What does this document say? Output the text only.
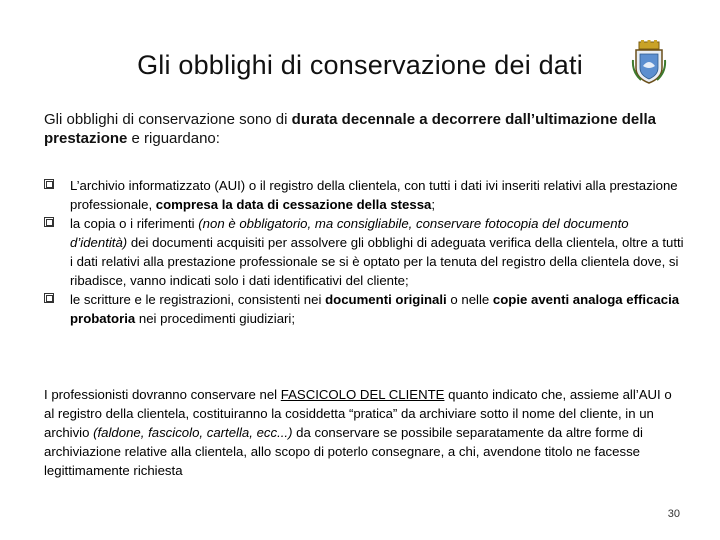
Gli obblighi di conservazione dei dati
Gli obblighi di conservazione sono di durata decennale a decorrere dall’ultimazione della prestazione e riguardano:
L’archivio informatizzato (AUI) o il registro della clientela, con tutti i dati ivi inseriti relativi alla prestazione professionale, compresa la data di cessazione della stessa;
la copia o i riferimenti (non è obbligatorio, ma consigliabile, conservare fotocopia del documento d’identità) dei documenti acquisiti per assolvere gli obblighi di adeguata verifica della clientela, oltre a tutti i dati relativi alla prestazione professionale se si è optato per la tenuta del registro della clientela dove, si ribadisce, vanno indicati solo i dati identificativi del cliente;
le scritture e le registrazioni, consistenti nei documenti originali o nelle copie aventi analoga efficacia probatoria nei procedimenti giudiziari;
I professionisti dovranno conservare nel FASCICOLO DEL CLIENTE quanto indicato che, assieme all’AUI o al registro della clientela, costituiranno la cosiddetta “pratica” da archiviare sotto il nome del cliente, in un archivio (faldone, fascicolo, cartella, ecc...) da conservare se possibile separatamente da altre forme di archiviazione relative alla clientela, allo scopo di poterlo consegnare, a chi, avendone titolo ne facesse legittimamente richiesta
30
